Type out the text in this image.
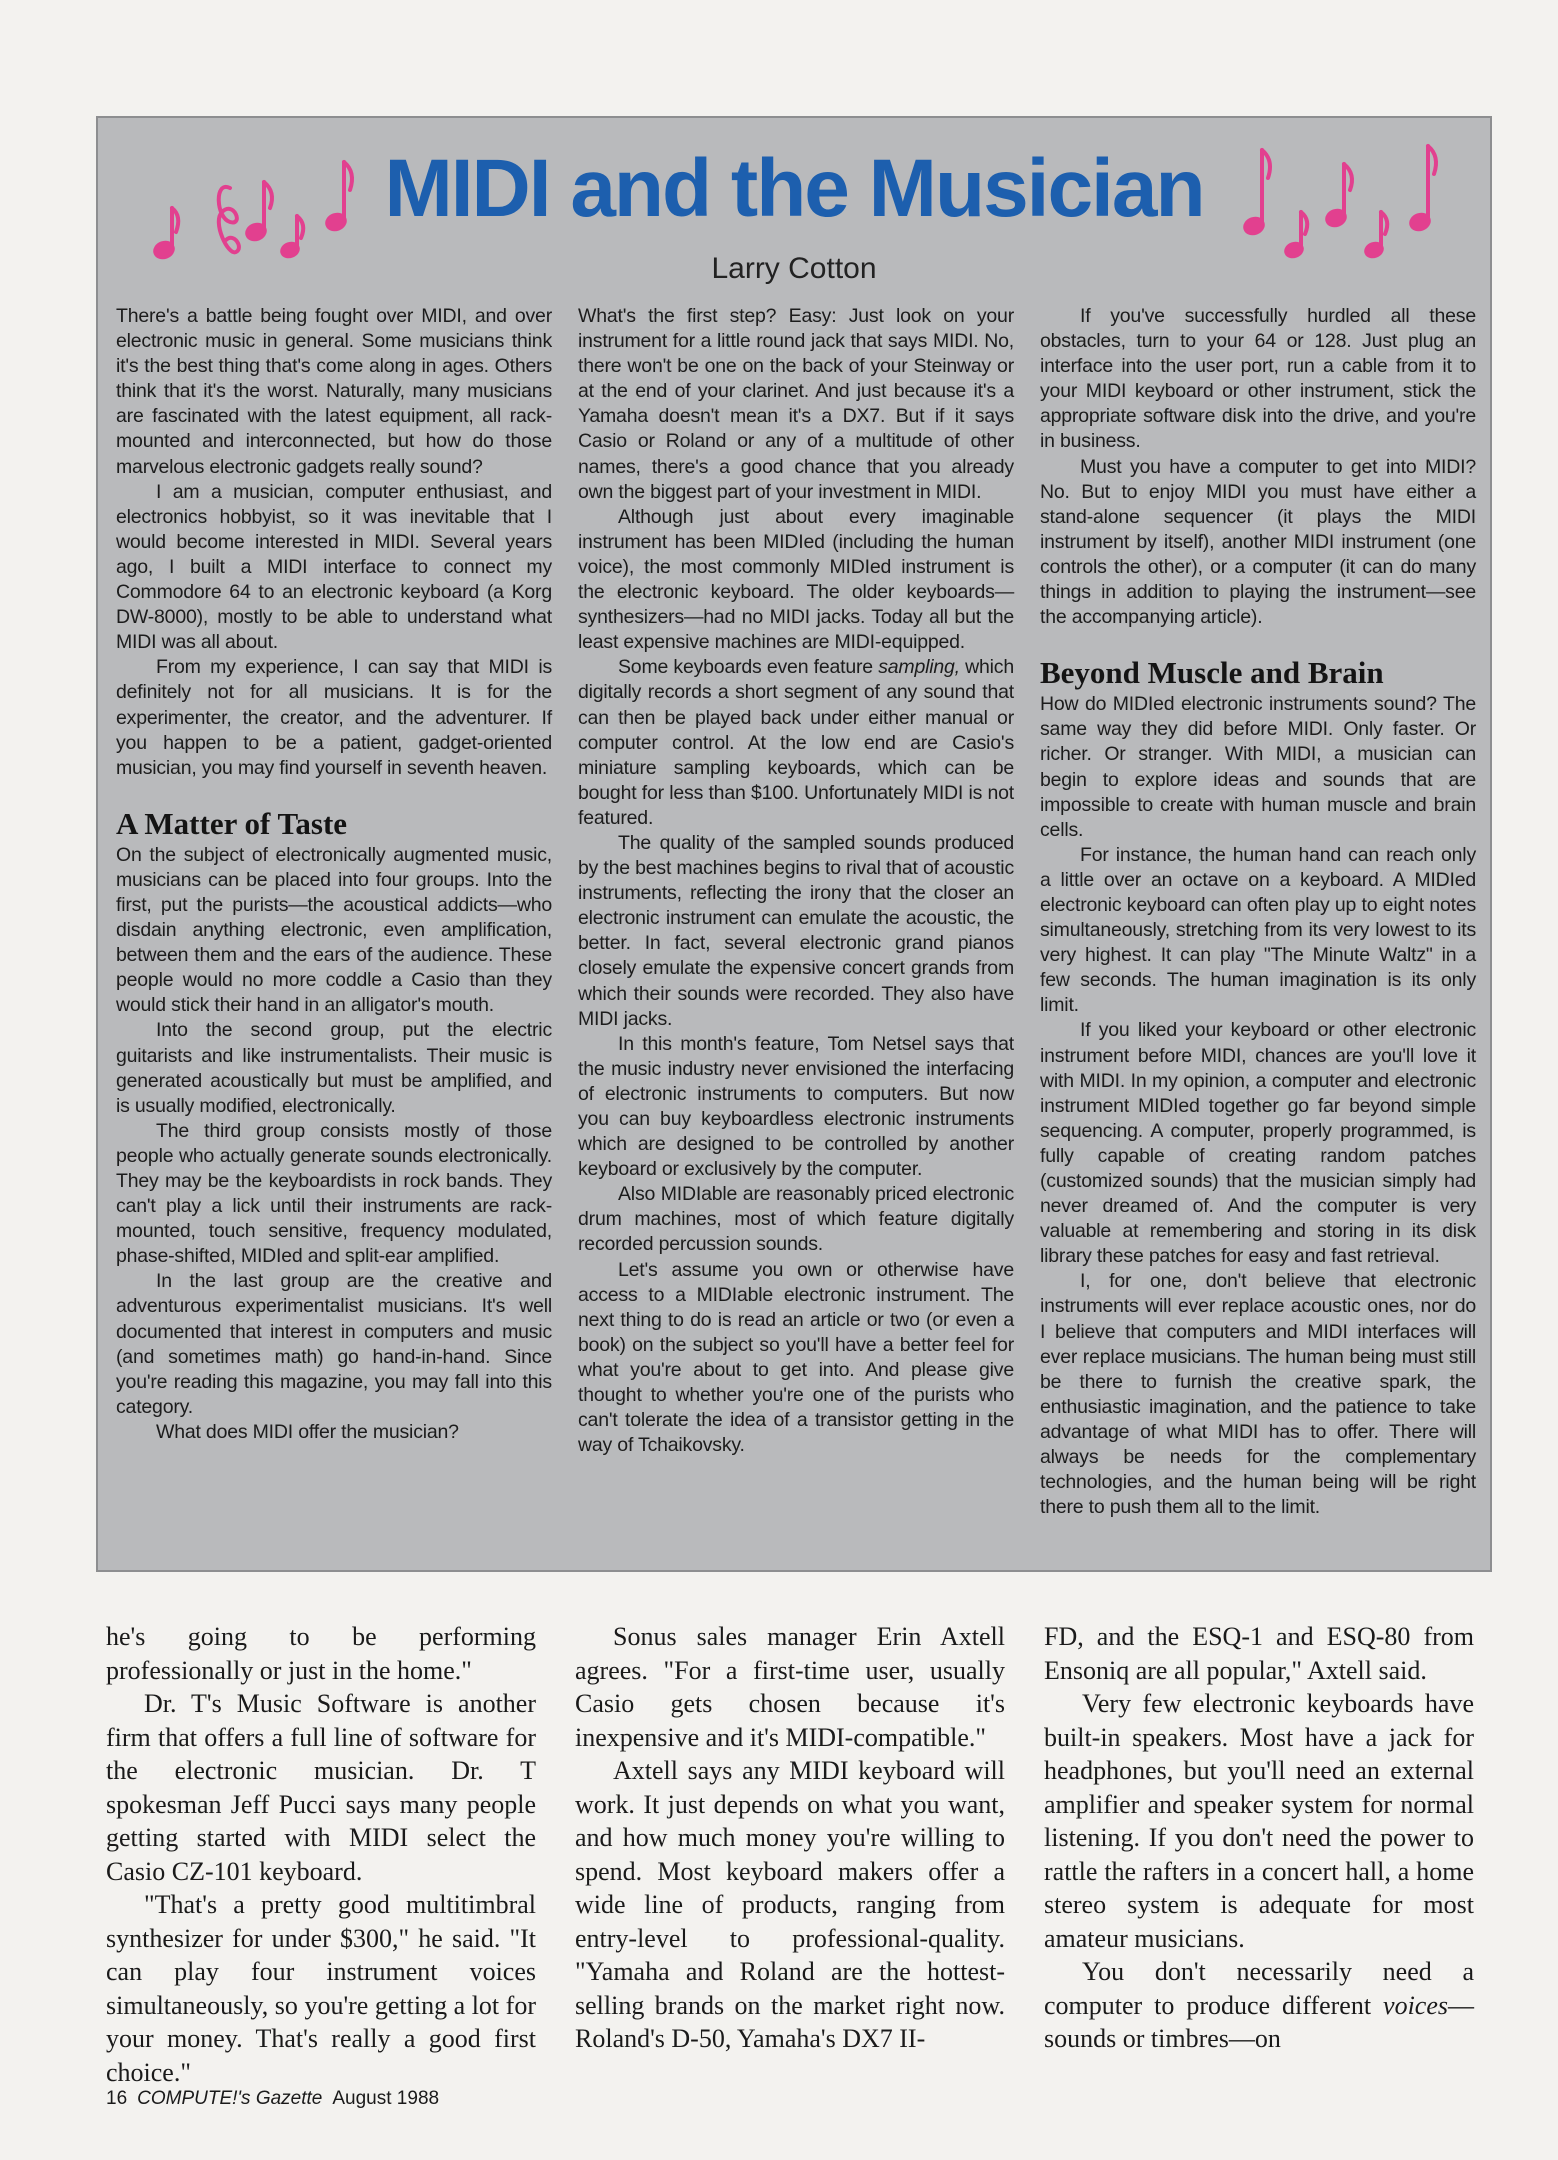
MIDI and the Musician
Larry Cotton

There's a battle being fought over MIDI, and over electronic music in general. Some musicians think it's the best thing that's come along in ages. Others think that it's the worst. Naturally, many musicians are fascinated with the latest equipment, all rack-mounted and interconnected, but how do those marvelous electronic gadgets really sound?

I am a musician, computer enthusiast, and electronics hobbyist, so it was inevitable that I would become interested in MIDI. Several years ago, I built a MIDI interface to connect my Commodore 64 to an electronic keyboard (a Korg DW-8000), mostly to be able to understand what MIDI was all about.

From my experience, I can say that MIDI is definitely not for all musicians. It is for the experimenter, the creator, and the adventurer. If you happen to be a patient, gadget-oriented musician, you may find yourself in seventh heaven.

A Matter of Taste

On the subject of electronically augmented music, musicians can be placed into four groups. Into the first, put the purists—the acoustical addicts—who disdain anything electronic, even amplification, between them and the ears of the audience. These people would no more coddle a Casio than they would stick their hand in an alligator's mouth.

Into the second group, put the electric guitarists and like instrumentalists. Their music is generated acoustically but must be amplified, and is usually modified, electronically.

The third group consists mostly of those people who actually generate sounds electronically. They may be the keyboardists in rock bands. They can't play a lick until their instruments are rack-mounted, touch sensitive, frequency modulated, phase-shifted, MIDIed and split-ear amplified.

In the last group are the creative and adventurous experimentalist musicians. It's well documented that interest in computers and music (and sometimes math) go hand-in-hand. Since you're reading this magazine, you may fall into this category.

What does MIDI offer the musician?

What's the first step? Easy: Just look on your instrument for a little round jack that says MIDI. No, there won't be one on the back of your Steinway or at the end of your clarinet. And just because it's a Yamaha doesn't mean it's a DX7. But if it says Casio or Roland or any of a multitude of other names, there's a good chance that you already own the biggest part of your investment in MIDI.

Although just about every imaginable instrument has been MIDIed (including the human voice), the most commonly MIDIed instrument is the electronic keyboard. The older keyboards—synthesizers—had no MIDI jacks. Today all but the least expensive machines are MIDI-equipped.

Some keyboards even feature sampling, which digitally records a short segment of any sound that can then be played back under either manual or computer control. At the low end are Casio's miniature sampling keyboards, which can be bought for less than $100. Unfortunately MIDI is not featured.

The quality of the sampled sounds produced by the best machines begins to rival that of acoustic instruments, reflecting the irony that the closer an electronic instrument can emulate the acoustic, the better. In fact, several electronic grand pianos closely emulate the expensive concert grands from which their sounds were recorded. They also have MIDI jacks.

In this month's feature, Tom Netsel says that the music industry never envisioned the interfacing of electronic instruments to computers. But now you can buy keyboardless electronic instruments which are designed to be controlled by another keyboard or exclusively by the computer.

Also MIDIable are reasonably priced electronic drum machines, most of which feature digitally recorded percussion sounds.

Let's assume you own or otherwise have access to a MIDIable electronic instrument. The next thing to do is read an article or two (or even a book) on the subject so you'll have a better feel for what you're about to get into. And please give thought to whether you're one of the purists who can't tolerate the idea of a transistor getting in the way of Tchaikovsky.

If you've successfully hurdled all these obstacles, turn to your 64 or 128. Just plug an interface into the user port, run a cable from it to your MIDI keyboard or other instrument, stick the appropriate software disk into the drive, and you're in business.

Must you have a computer to get into MIDI? No. But to enjoy MIDI you must have either a stand-alone sequencer (it plays the MIDI instrument by itself), another MIDI instrument (one controls the other), or a computer (it can do many things in addition to playing the instrument—see the accompanying article).

Beyond Muscle and Brain

How do MIDIed electronic instruments sound? The same way they did before MIDI. Only faster. Or richer. Or stranger. With MIDI, a musician can begin to explore ideas and sounds that are impossible to create with human muscle and brain cells.

For instance, the human hand can reach only a little over an octave on a keyboard. A MIDIed electronic keyboard can often play up to eight notes simultaneously, stretching from its very lowest to its very highest. It can play "The Minute Waltz" in a few seconds. The human imagination is its only limit.

If you liked your keyboard or other electronic instrument before MIDI, chances are you'll love it with MIDI. In my opinion, a computer and electronic instrument MIDIed together go far beyond simple sequencing. A computer, properly programmed, is fully capable of creating random patches (customized sounds) that the musician simply had never dreamed of. And the computer is very valuable at remembering and storing in its disk library these patches for easy and fast retrieval.

I, for one, don't believe that electronic instruments will ever replace acoustic ones, nor do I believe that computers and MIDI interfaces will ever replace musicians. The human being must still be there to furnish the creative spark, the enthusiastic imagination, and the patience to take advantage of what MIDI has to offer. There will always be needs for the complementary technologies, and the human being will be right there to push them all to the limit.

he's going to be performing professionally or just in the home."

Dr. T's Music Software is another firm that offers a full line of software for the electronic musician. Dr. T spokesman Jeff Pucci says many people getting started with MIDI select the Casio CZ-101 keyboard.

"That's a pretty good multitimbral synthesizer for under $300," he said. "It can play four instrument voices simultaneously, so you're getting a lot for your money. That's really a good first choice."

Sonus sales manager Erin Axtell agrees. "For a first-time user, usually Casio gets chosen because it's inexpensive and it's MIDI-compatible."

Axtell says any MIDI keyboard will work. It just depends on what you want, and how much money you're willing to spend. Most keyboard makers offer a wide line of products, ranging from entry-level to professional-quality. "Yamaha and Roland are the hottest-selling brands on the market right now. Roland's D-50, Yamaha's DX7 II-

FD, and the ESQ-1 and ESQ-80 from Ensoniq are all popular," Axtell said.

Very few electronic keyboards have built-in speakers. Most have a jack for headphones, but you'll need an external amplifier and speaker system for normal listening. If you don't need the power to rattle the rafters in a concert hall, a home stereo system is adequate for most amateur musicians.

You don't necessarily need a computer to produce different voices—sounds or timbres—on

16 COMPUTE!'s Gazette August 1988
